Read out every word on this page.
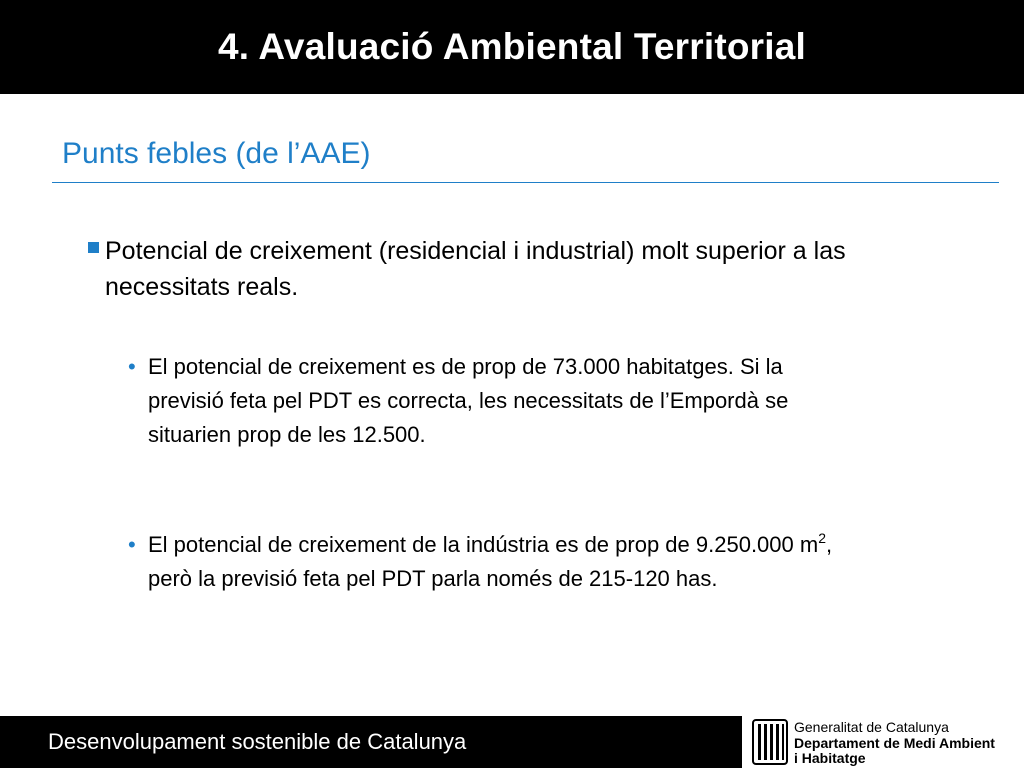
4. Avaluació Ambiental Territorial
Punts febles (de l’AAE)
Potencial de creixement (residencial i industrial) molt superior a las necessitats reals.
• El potencial de creixement es de prop de 73.000 habitatges. Si la previsió feta pel PDT es correcta, les necessitats de l’Empordà se situarien prop de les 12.500.
• El potencial de creixement de la indústria es de prop de 9.250.000 $m^2$, però la previsió feta pel PDT parla només de 215-120 has.
Desenvolupament sostenible de Catalunya
Generalitat de Catalunya
Departament de Medi Ambient
i Habitatge
